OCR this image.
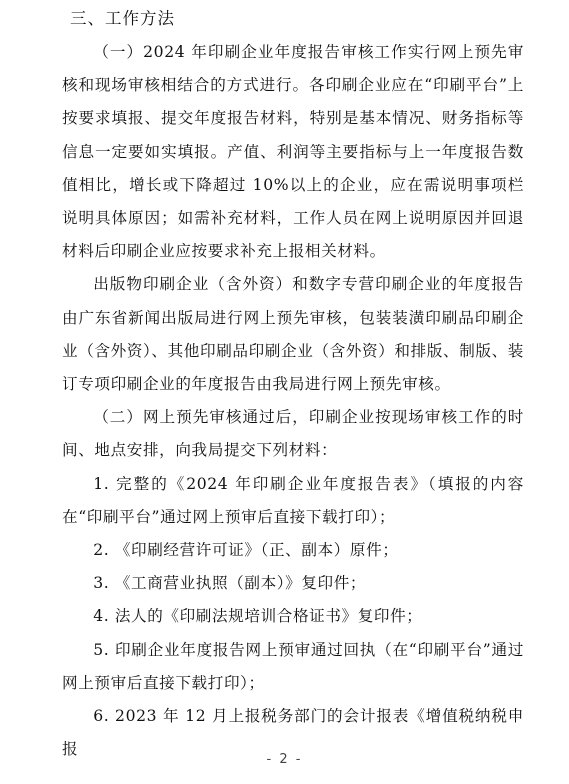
三、工作方法

（一）2024 年印刷企业年度报告审核工作实行网上预先审核和现场审核相结合的方式进行。各印刷企业应在“印刷平台”上按要求填报、提交年度报告材料，特别是基本情况、财务指标等信息一定要如实填报。产值、利润等主要指标与上一年度报告数值相比，增长或下降超过 10%以上的企业，应在需说明事项栏说明具体原因；如需补充材料，工作人员在网上说明原因并回退材料后印刷企业应按要求补充上报相关材料。

出版物印刷企业（含外资）和数字专营印刷企业的年度报告由广东省新闻出版局进行网上预先审核，包装装潢印刷品印刷企业（含外资）、其他印刷品印刷企业（含外资）和排版、制版、装订专项印刷企业的年度报告由我局进行网上预先审核。

（二）网上预先审核通过后，印刷企业按现场审核工作的时间、地点安排，向我局提交下列材料：

1. 完整的《2024 年印刷企业年度报告表》（填报的内容在“印刷平台”通过网上预审后直接下载打印）；

2. 《印刷经营许可证》（正、副本）原件；

3. 《工商营业执照（副本）》复印件；

4. 法人的《印刷法规培训合格证书》复印件；

5. 印刷企业年度报告网上预审通过回执（在“印刷平台”通过网上预审后直接下载打印）；

6. 2023 年 12 月上报税务部门的会计报表《增值税纳税申报

- 2 -
